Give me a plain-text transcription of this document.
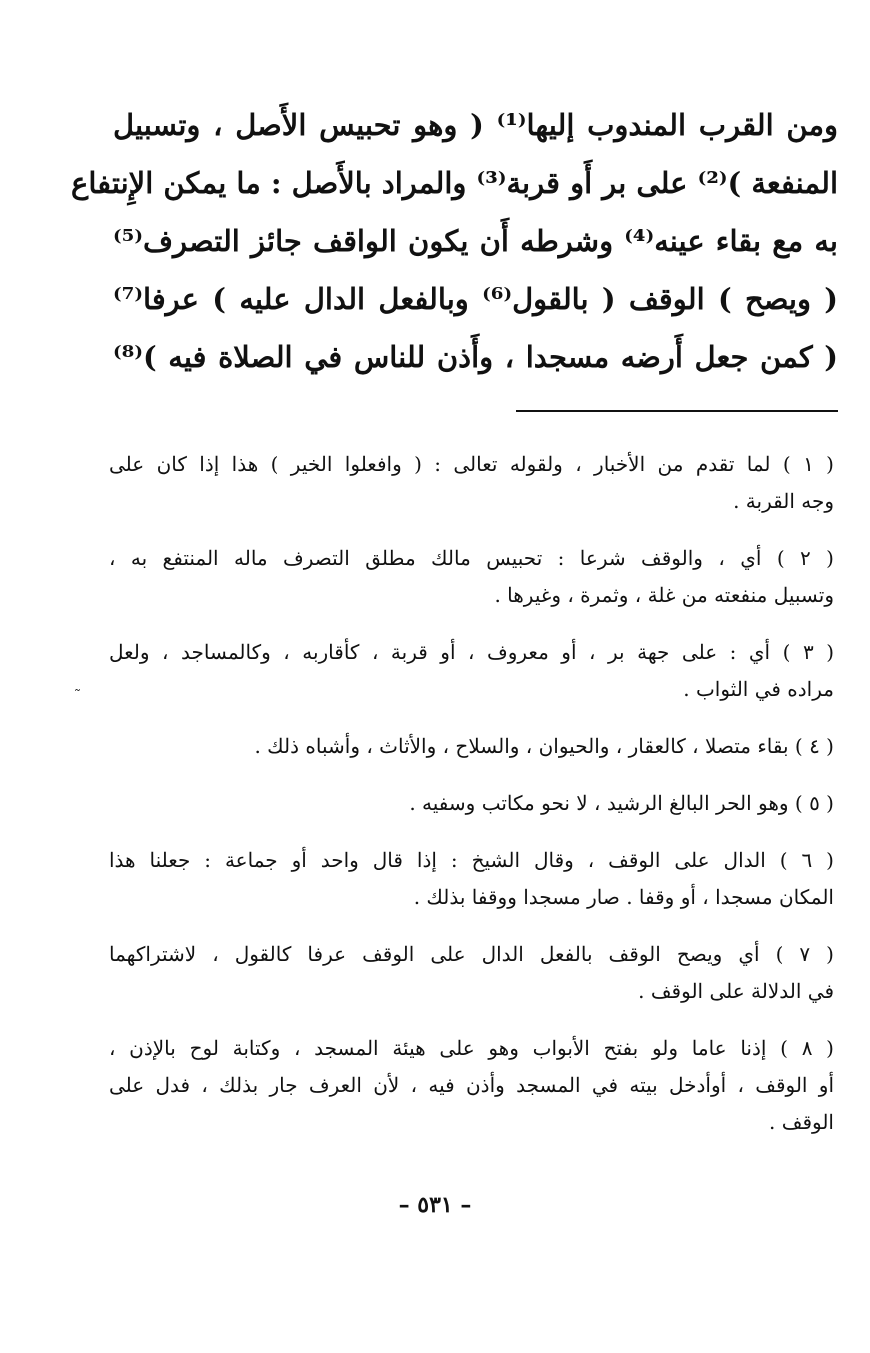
ومن القرب المندوب إليها⁽¹⁾ ( وهو تحبيس الأَصل ، وتسبيل
المنفعة )⁽²⁾ على بر أَو قربة⁽³⁾ والمراد بالأَصل : ما يمكن الإِنتفاع
به مع بقاء عينه⁽⁴⁾ وشرطه أَن يكون الواقف جائز التصرف⁽⁵⁾
( ويصح ) الوقف ( بالقول⁽⁶⁾ وبالفعل الدال عليه ) عرفا⁽⁷⁾
( كمن جعل أَرضه مسجدا ، وأَذن للناس في الصلاة فيه )⁽⁸⁾
( ١ ) لما تقدم من الأخبار ، ولقوله تعالى : ( وافعلوا الخير ) هذا إذا كان على
وجه القربة .
( ٢ ) أي ، والوقف شرعا : تحبيس مالك مطلق التصرف ماله المنتفع به ،
وتسبيل منفعته من غلة ، وثمرة ، وغيرها .
( ٣ ) أي : على جهة بر ، أو معروف ، أو قربة ، كأقاربه ، وكالمساجد ، ولعل
مراده في الثواب .
( ٤ ) بقاء متصلا ، كالعقار ، والحيوان ، والسلاح ، والأثاث ، وأشباه ذلك .
( ٥ ) وهو الحر البالغ الرشيد ، لا نحو مكاتب وسفيه .
( ٦ ) الدال على الوقف ، وقال الشيخ : إذا قال واحد أو جماعة : جعلنا هذا
المكان مسجدا ، أو وقفا . صار مسجدا ووقفا بذلك .
( ٧ ) أي ويصح الوقف بالفعل الدال على الوقف عرفا كالقول ، لاشتراكهما
في الدلالة على الوقف .
( ٨ ) إذنا عاما ولو بفتح الأبواب وهو على هيئة المسجد ، وكتابة لوح بالإذن ،
أو الوقف ، أوأدخل بيته في المسجد وأذن فيه ، لأن العرف جار بذلك ، فدل على
الوقف .
˜
– ٥٣١ –
